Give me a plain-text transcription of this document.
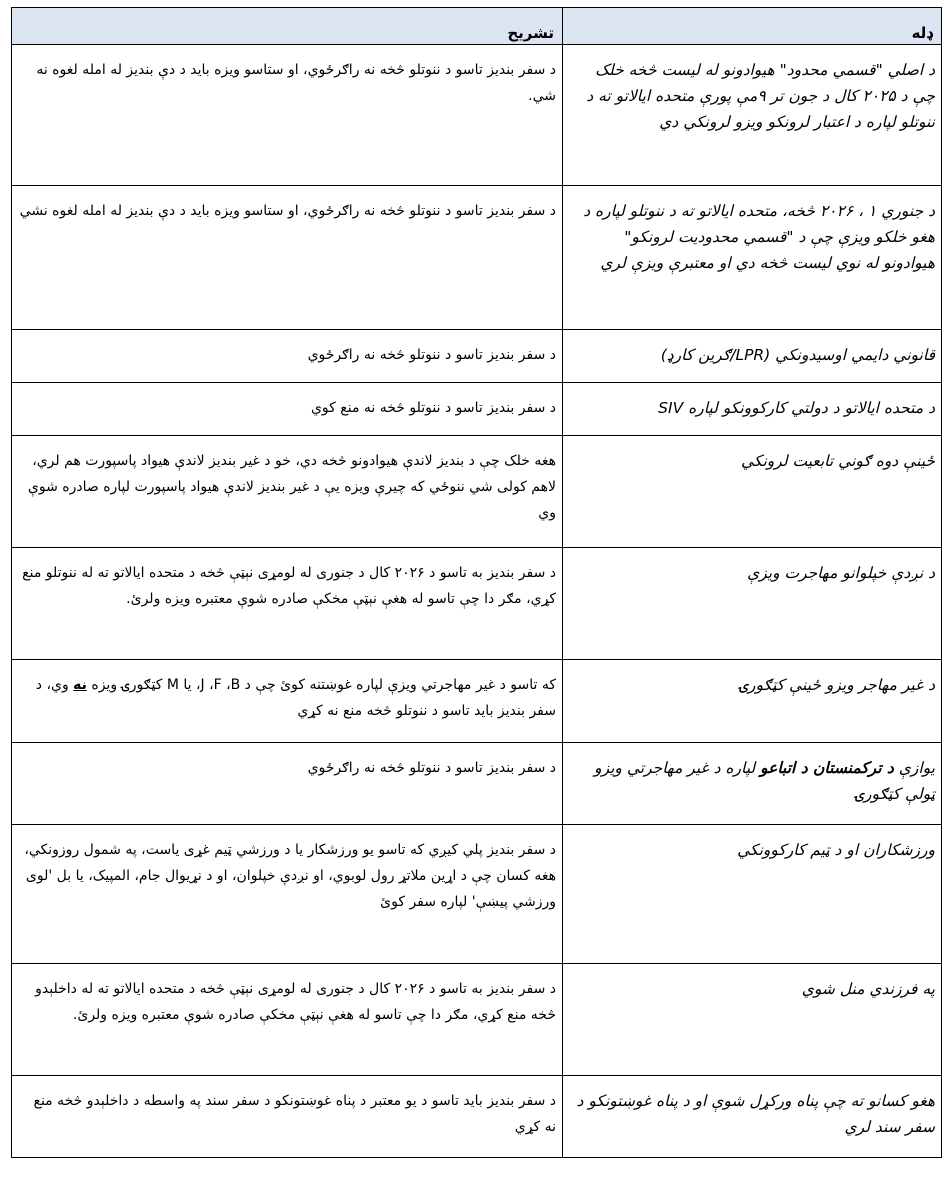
ډله	تشریح
د اصلي "قسمي محدود" هیوادونو له لیست څخه خلک چې د ۲۰۲۵ کال د جون تر ۹مې پورې متحده ایالاتو ته د ننوتلو لپاره د اعتبار لرونکو ویزو لرونکي دي	د سفر بندیز تاسو د ننوتلو څخه نه راګرځوي، او ستاسو ویزه باید د دې بندیز له امله لغوه نه شي.
د جنوري ۱ ، ۲۰۲۶ څخه، متحده ایالاتو ته د ننوتلو لپاره د هغو خلکو ویزې چې د "قسمي محدودیت لرونکو" هیوادونو له نوي لیست څخه دي او معتبرې ویزې لري	د سفر بندیز تاسو د ننوتلو څخه نه راګرځوي، او ستاسو ویزه باید د دې بندیز له امله لغوه نشي
قانوني دایمي اوسیدونکي (LPR/ګرین کارډ)	د سفر بندیز تاسو د ننوتلو څخه نه راګرځوي
د متحده ایالاتو د دولتي کارکوونکو لپاره SIV	د سفر بندیز تاسو د ننوتلو څخه نه منع کوي
ځینې دوه ګوني تابعیت لرونکي	هغه خلک چې د بندیز لاندې هیوادونو څخه دي، خو د غیر بندیز لاندې هیواد پاسپورت هم لري، لاهم کولی شي ننوځي که چیرې ویزه یې د غیر بندیز لاندې هیواد پاسپورت لپاره صادره شوې وي
د نږدې خپلوانو مهاجرت ویزې	د سفر بندیز به تاسو د ۲۰۲۶ کال د جنوری له لومړی نېټې څخه د متحده ایالاتو ته له ننوتلو منع کړي، مګر دا چې تاسو له هغې نېټې مخکې صادره شوې معتبره ویزه ولرئ.
د غیر مهاجر ویزو ځینې کټګورۍ	که تاسو د غیر مهاجرتي ویزې لپاره غوښتنه کوئ چې د J ،F ،B، یا M کټګورۍ ویزه نه وي، د سفر بندیز باید تاسو د ننوتلو څخه منع نه کړي
یوازې د ترکمنستان د اتباعو لپاره د غیر مهاجرتي ویزو ټولې کټګورۍ	د سفر بندیز تاسو د ننوتلو څخه نه راګرځوي
ورزشکاران او د ټیم کارکوونکي	د سفر بندیز پلي کیږي که تاسو یو ورزشکار یا د ورزشي ټیم غړی یاست، په شمول روزونکي، هغه کسان چې د اړین ملاتړ رول لوبوي، او نږدې خپلوان، او د نړیوال جام، المپیک، یا بل 'لوی ورزشي پیښې' لپاره سفر کوئ
په فرزندي منل شوي	د سفر بندیز به تاسو د ۲۰۲۶ کال د جنوری له لومړی نېټې څخه د متحده ایالاتو ته له داخلېدو څخه منع کړي، مګر دا چې تاسو له هغې نېټې مخکې صادره شوې معتبره ویزه ولرئ.
هغو کسانو ته چې پناه ورکړل شوې او د پناه غوښتونکو د سفر سند لري	د سفر بندیز باید تاسو د یو معتبر د پناه غوښتونکو د سفر سند په واسطه د داخلېدو څخه منع نه کړي
